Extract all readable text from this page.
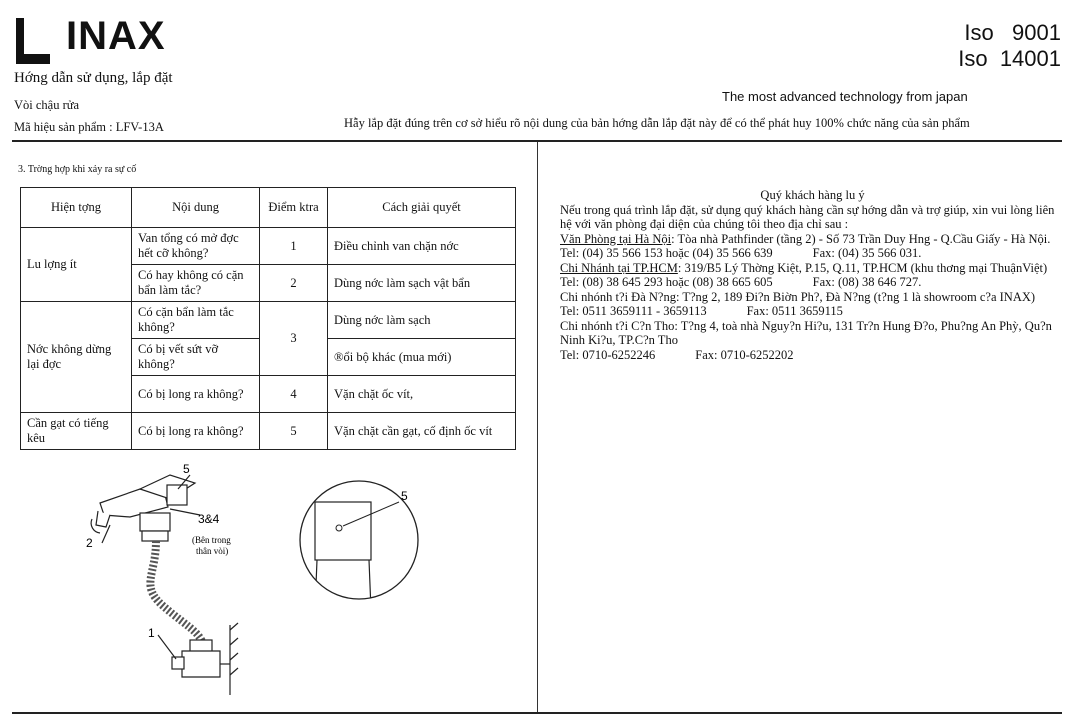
INAX
Hớng dẫn sử dụng, lắp đặt
Vòi chậu rửa
Mã hiệu sản phẩm : LFV-13A
Iso   9001
Iso  14001
The most advanced technology from japan
Hẫy lắp đặt đúng trên cơ sở hiểu rõ nội dung của bản hớng dẫn lắp đặt này để có thể phát huy 100% chức năng của sản phẩm
3. Trờng hợp khi xảy ra sự cố
Hiện tợng	Nội dung	Điểm ktra	Cách giải quyết
Lu lợng ít	Van tổng có mở đợc hết cỡ không?	1	Điều chỉnh van chặn nớc
	Có hay không có cặn bẩn làm tắc?	2	Dùng nớc làm sạch vật bẩn
Nớc không dừng lại đợc	Có cặn bẩn làm tắc không?	3	Dùng nớc làm sạch
	Có bị vết sứt vỡ không?		®ổi bộ khác (mua mới)
	Có bị long ra không?	4	Vặn chặt ốc vít,
Cần gạt có tiếng kêu	Có bị long ra không?	5	Vặn chặt cần gạt, cố định ốc vít
5
3&4
(Bên trong
thân vòi)
2
1
5
Quý khách hàng lu ý
Nếu trong quá trình lắp đặt, sử dụng quý khách hàng cần sự hớng dẫn và trợ giúp, xin vui lòng liên hệ với văn phòng đại diện của chúng tôi theo địa chỉ sau :
Văn Phòng tại Hà Nội: Tòa nhà Pathfinder (tầng 2) - Số 73 Trần Duy Hng - Q.Cầu Giấy - Hà Nội.
Tel: (04) 35 566 153 hoặc (04) 35 566 639	Fax: (04) 35 566 031.
Chi Nhánh tại TP.HCM: 319/B5 Lý Thờng Kiệt, P.15, Q.11, TP.HCM (khu thơng mại ThuậnViệt)
Tel: (08) 38 645 293 hoặc (08) 38 665 605	Fax: (08) 38 646 727.
Chi nhónh t?i Đà N?ng: T?ng 2, 189 Đi?n Biờn Ph?, Đà N?ng (t?ng 1 là showroom c?a INAX)
Tel: 0511 3659111 - 3659113	Fax: 0511 3659115
Chi nhónh t?i C?n Tho: T?ng 4, toà nhà Nguy?n Hi?u, 131 Tr?n Hung Đ?o, Phu?ng An Phỳ, Qu?n Ninh Ki?u, TP.C?n Tho
Tel: 0710-6252246	Fax: 0710-6252202
